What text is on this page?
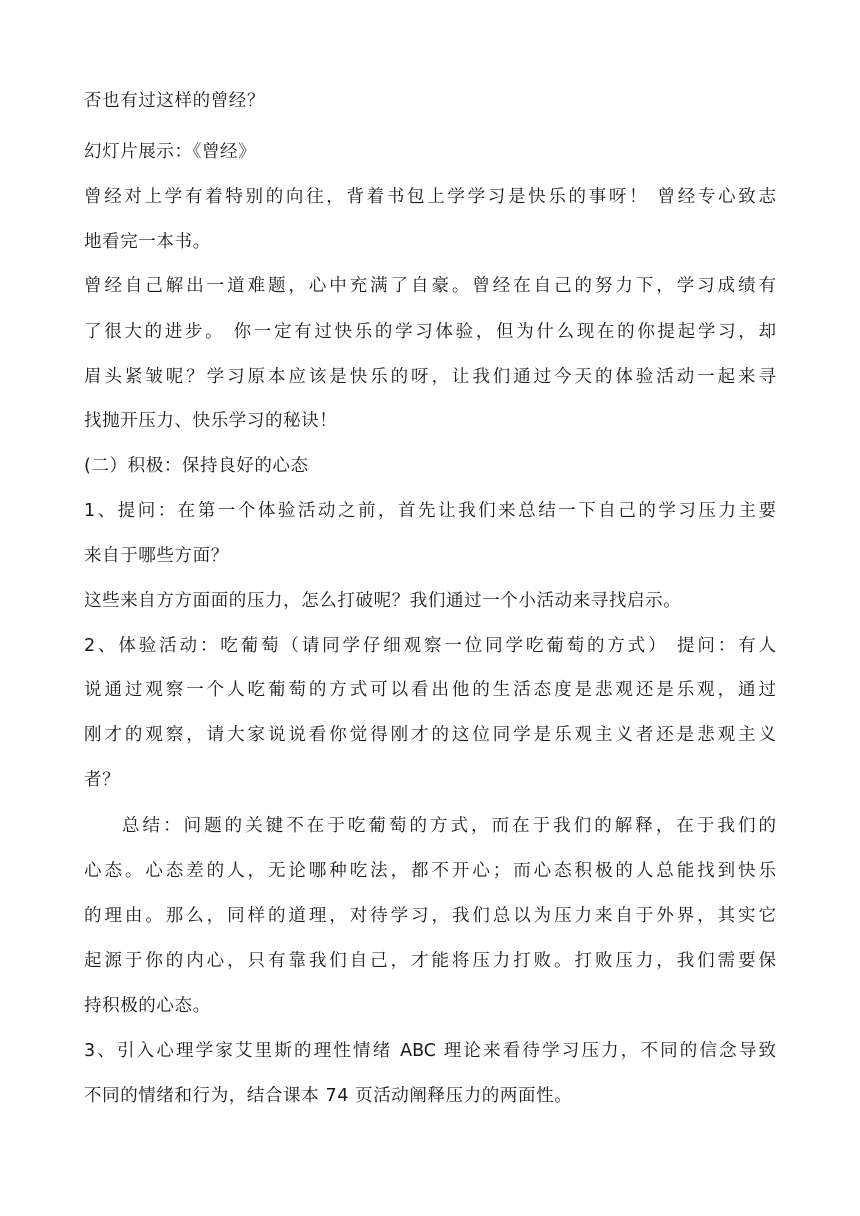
否也有过这样的曾经？
幻灯片展示：《曾经》
曾经对上学有着特别的向往，背着书包上学学习是快乐的事呀！ 曾经专心致志
地看完一本书。
曾经自己解出一道难题，心中充满了自豪。曾经在自己的努力下，学习成绩有
了很大的进步。 你一定有过快乐的学习体验，但为什么现在的你提起学习，却
眉头紧皱呢？学习原本应该是快乐的呀，让我们通过今天的体验活动一起来寻
找抛开压力、快乐学习的秘诀！
(二）积极：保持良好的心态
1、提问：在第一个体验活动之前，首先让我们来总结一下自己的学习压力主要
来自于哪些方面？
这些来自方方面面的压力，怎么打破呢？我们通过一个小活动来寻找启示。
2、体验活动：吃葡萄（请同学仔细观察一位同学吃葡萄的方式） 提问：有人
说通过观察一个人吃葡萄的方式可以看出他的生活态度是悲观还是乐观，通过
刚才的观察，请大家说说看你觉得刚才的这位同学是乐观主义者还是悲观主义
者？
总结：问题的关键不在于吃葡萄的方式，而在于我们的解释，在于我们的
心态。心态差的人，无论哪种吃法，都不开心；而心态积极的人总能找到快乐
的理由。那么，同样的道理，对待学习，我们总以为压力来自于外界，其实它
起源于你的内心，只有靠我们自己，才能将压力打败。打败压力，我们需要保
持积极的心态。
3、引入心理学家艾里斯的理性情绪 ABC 理论来看待学习压力，不同的信念导致
不同的情绪和行为，结合课本 74 页活动阐释压力的两面性。
